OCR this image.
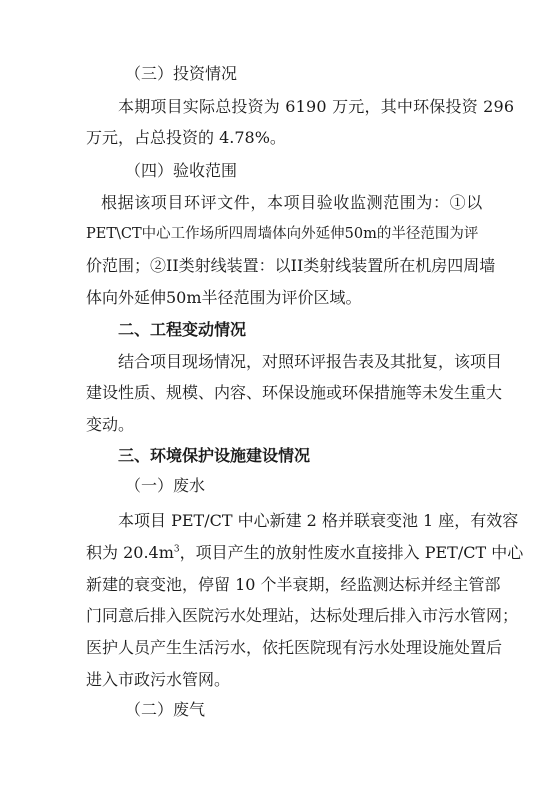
（三）投资情况
本期项目实际总投资为 6190 万元，其中环保投资 296
万元，占总投资的 4.78%。
（四）验收范围
根据该项目环评文件，本项目验收监测范围为：①以
PET\CT中心工作场所四周墙体向外延伸50m的半径范围为评
价范围；②II类射线装置：以II类射线装置所在机房四周墙
体向外延伸50m半径范围为评价区域。
二、工程变动情况
结合项目现场情况，对照环评报告表及其批复，该项目
建设性质、规模、内容、环保设施或环保措施等未发生重大
变动。
三、环境保护设施建设情况
（一）废水
本项目 PET/CT 中心新建 2 格并联衰变池 1 座，有效容
积为 $20.4m^3$，项目产生的放射性废水直接排入 PET/CT 中心
新建的衰变池，停留 10 个半衰期，经监测达标并经主管部
门同意后排入医院污水处理站，达标处理后排入市污水管网；
医护人员产生生活污水，依托医院现有污水处理设施处置后
进入市政污水管网。
（二）废气
